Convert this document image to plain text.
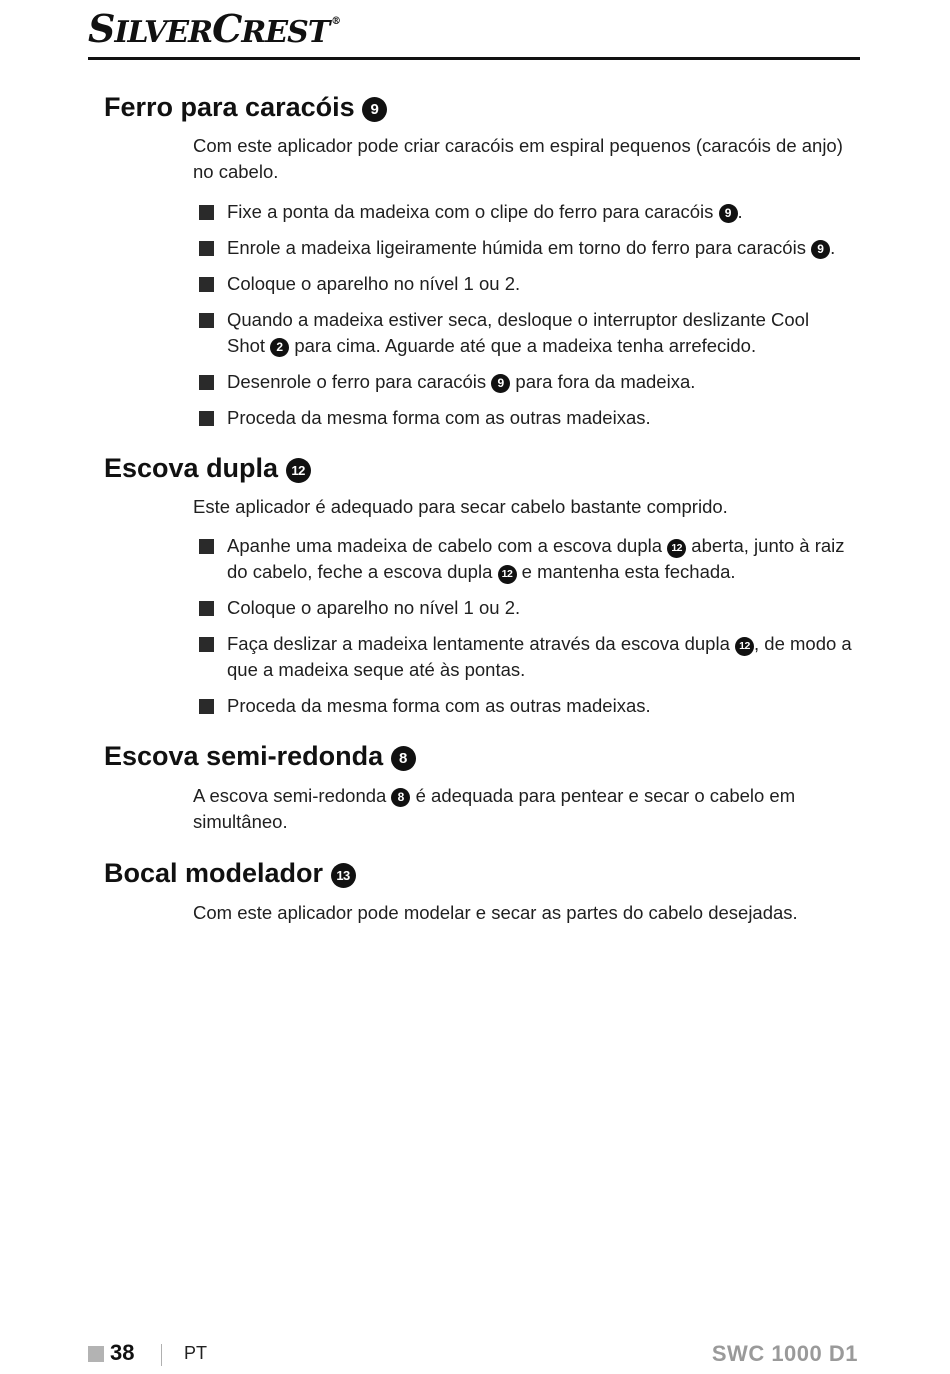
SILVERCREST ®
Ferro para caracóis 9

Com este aplicador pode criar caracóis em espiral pequenos (caracóis de anjo) no cabelo.

Fixe a ponta da madeixa com o clipe do ferro para caracóis 9 .
Enrole a madeixa ligeiramente húmida em torno do ferro para caracóis 9 .
Coloque o aparelho no nível 1 ou 2.
Quando a madeixa estiver seca, desloque o interruptor deslizante Cool Shot 2 para cima. Aguarde até que a madeixa tenha arrefecido.
Desenrole o ferro para caracóis 9 para fora da madeixa.
Proceda da mesma forma com as outras madeixas.
Escova dupla 12

Este aplicador é adequado para secar cabelo bastante comprido.

Apanhe uma madeixa de cabelo com a escova dupla 12 aberta, junto à raiz do cabelo, feche a escova dupla 12 e mantenha esta fechada.
Coloque o aparelho no nível 1 ou 2.
Faça deslizar a madeixa lentamente através da escova dupla 12 , de modo a que a madeixa seque até às pontas.
Proceda da mesma forma com as outras madeixas.
Escova semi-redonda 8

A escova semi-redonda 8 é adequada para pentear e secar o cabelo em simultâneo.

Bocal modelador 13

Com este aplicador pode modelar e secar as partes do cabelo desejadas.

38	PT	SWC 1000 D1
